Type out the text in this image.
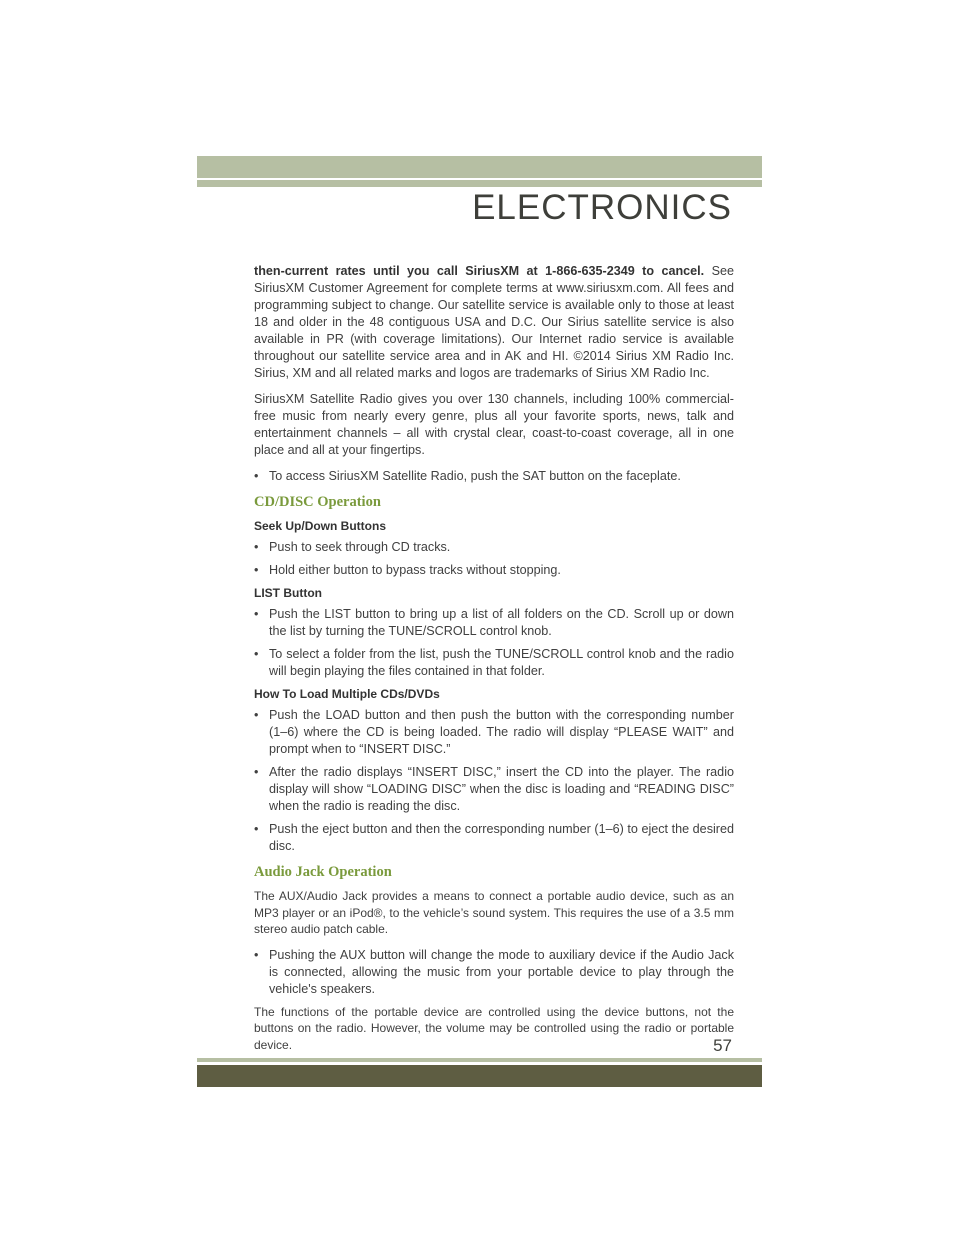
ELECTRONICS

then-current rates until you call SiriusXM at 1-866-635-2349 to cancel. See SiriusXM Customer Agreement for complete terms at www.siriusxm.com. All fees and programming subject to change. Our satellite service is available only to those at least 18 and older in the 48 contiguous USA and D.C. Our Sirius satellite service is also available in PR (with coverage limitations). Our Internet radio service is available throughout our satellite service area and in AK and HI. ©2014 Sirius XM Radio Inc. Sirius, XM and all related marks and logos are trademarks of Sirius XM Radio Inc.

SiriusXM Satellite Radio gives you over 130 channels, including 100% commercial-free music from nearly every genre, plus all your favorite sports, news, talk and entertainment channels – all with crystal clear, coast-to-coast coverage, all in one place and all at your fingertips.

• To access SiriusXM Satellite Radio, push the SAT button on the faceplate.
CD/DISC Operation
Seek Up/Down Buttons
• Push to seek through CD tracks.
• Hold either button to bypass tracks without stopping.
LIST Button
• Push the LIST button to bring up a list of all folders on the CD. Scroll up or down the list by turning the TUNE/SCROLL control knob.
• To select a folder from the list, push the TUNE/SCROLL control knob and the radio will begin playing the files contained in that folder.
How To Load Multiple CDs/DVDs
• Push the LOAD button and then push the button with the corresponding number (1–6) where the CD is being loaded. The radio will display “PLEASE WAIT” and prompt when to “INSERT DISC.”
• After the radio displays “INSERT DISC,” insert the CD into the player. The radio display will show “LOADING DISC” when the disc is loading and “READING DISC” when the radio is reading the disc.
• Push the eject button and then the corresponding number (1–6) to eject the desired disc.
Audio Jack Operation

The AUX/Audio Jack provides a means to connect a portable audio device, such as an MP3 player or an iPod®, to the vehicle’s sound system. This requires the use of a 3.5 mm stereo audio patch cable.

• Pushing the AUX button will change the mode to auxiliary device if the Audio Jack is connected, allowing the music from your portable device to play through the vehicle's speakers.

The functions of the portable device are controlled using the device buttons, not the buttons on the radio. However, the volume may be controlled using the radio or portable device.	57
